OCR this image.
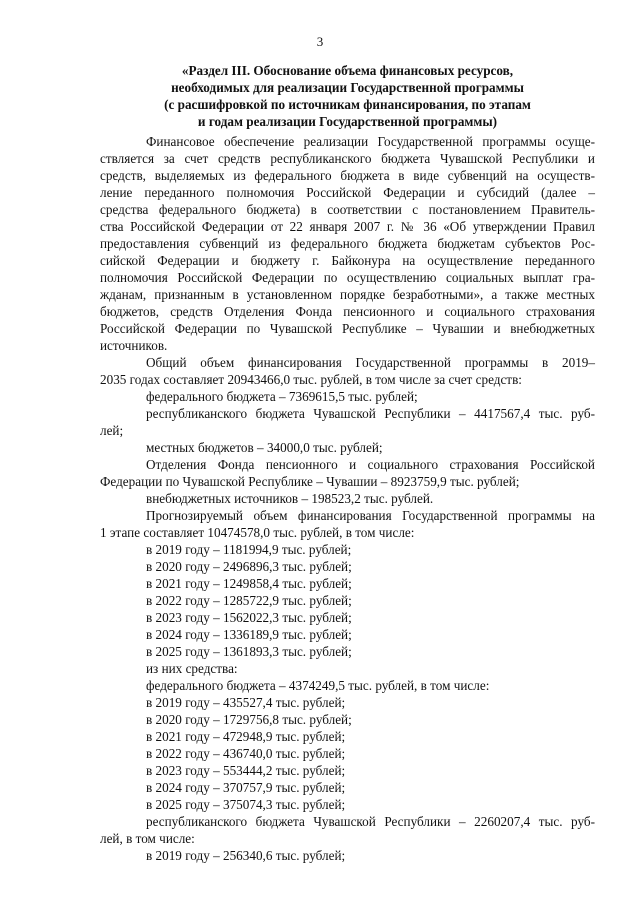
3
«Раздел III. Обоснование объема финансовых ресурсов,
необходимых для реализации Государственной программы
(с расшифровкой по источникам финансирования, по этапам
и годам реализации Государственной программы)
Финансовое обеспечение реализации Государственной программы осуще-
ствляется за счет средств республиканского бюджета Чувашской Республики и
средств, выделяемых из федерального бюджета в виде субвенций на осуществ-
ление переданного полномочия Российской Федерации и субсидий (далее –
средства федерального бюджета) в соответствии с постановлением Правитель-
ства Российской Федерации от 22 января 2007 г. № 36 «Об утверждении Правил
предоставления субвенций из федерального бюджета бюджетам субъектов Рос-
сийской Федерации и бюджету г. Байконура на осуществление переданного
полномочия Российской Федерации по осуществлению социальных выплат гра-
жданам, признанным в установленном порядке безработными», а также местных
бюджетов, средств Отделения Фонда пенсионного и социального страхования
Российской Федерации по Чувашской Республике – Чувашии и внебюджетных
источников.
Общий объем финансирования Государственной программы в 2019–
2035 годах составляет 20943466,0 тыс. рублей, в том числе за счет средств:
федерального бюджета – 7369615,5 тыс. рублей;
республиканского бюджета Чувашской Республики – 4417567,4 тыс. руб-
лей;
местных бюджетов – 34000,0 тыс. рублей;
Отделения Фонда пенсионного и социального страхования Российской
Федерации по Чувашской Республике – Чувашии – 8923759,9 тыс. рублей;
внебюджетных источников – 198523,2 тыс. рублей.
Прогнозируемый объем финансирования Государственной программы на
1 этапе составляет 10474578,0 тыс. рублей, в том числе:
в 2019 году – 1181994,9 тыс. рублей;
в 2020 году – 2496896,3 тыс. рублей;
в 2021 году – 1249858,4 тыс. рублей;
в 2022 году – 1285722,9 тыс. рублей;
в 2023 году – 1562022,3 тыс. рублей;
в 2024 году – 1336189,9 тыс. рублей;
в 2025 году – 1361893,3 тыс. рублей;
из них средства:
федерального бюджета – 4374249,5 тыс. рублей, в том числе:
в 2019 году – 435527,4 тыс. рублей;
в 2020 году – 1729756,8 тыс. рублей;
в 2021 году – 472948,9 тыс. рублей;
в 2022 году – 436740,0 тыс. рублей;
в 2023 году – 553444,2 тыс. рублей;
в 2024 году – 370757,9 тыс. рублей;
в 2025 году – 375074,3 тыс. рублей;
республиканского бюджета Чувашской Республики – 2260207,4 тыс. руб-
лей, в том числе:
в 2019 году – 256340,6 тыс. рублей;
